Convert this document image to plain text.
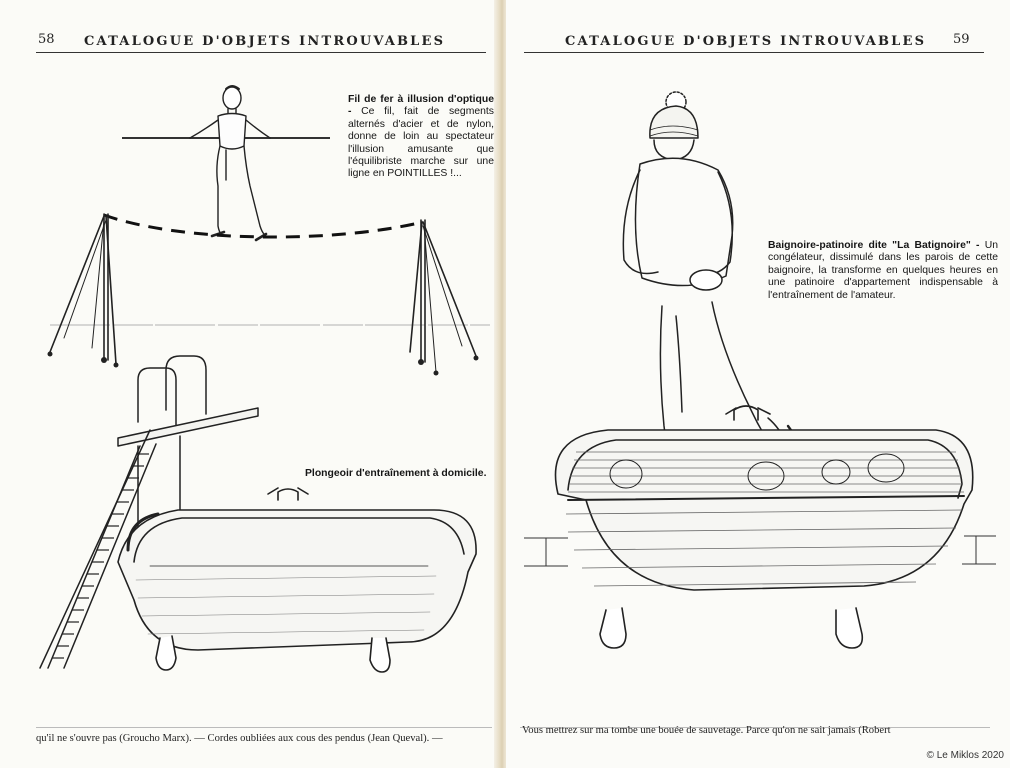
58 CATALOGUE D'OBJETS INTROUVABLES
Fil de fer à illusion d'optique - Ce fil, fait de segments alternés d'acier et de nylon, donne de loin au spectateur l'illusion amusante que l'équilibriste marche sur une ligne en POINTILLES !...
Plongeoir d'entraînement à domicile.
qu'il ne s'ouvre pas (Groucho Marx). — Cordes oubliées aux cous des pendus (Jean Queval). —
CATALOGUE D'OBJETS INTROUVABLES 59
Baignoire-patinoire dite "La Batignoire" - Un congélateur, dissimulé dans les parois de cette baignoire, la transforme en quelques heures en une patinoire d'appartement indispensable à l'entraînement de l'amateur.
Vous mettrez sur ma tombe une bouée de sauvetage. Parce qu'on ne sait jamais (Robert
© Le Miklos 2020
